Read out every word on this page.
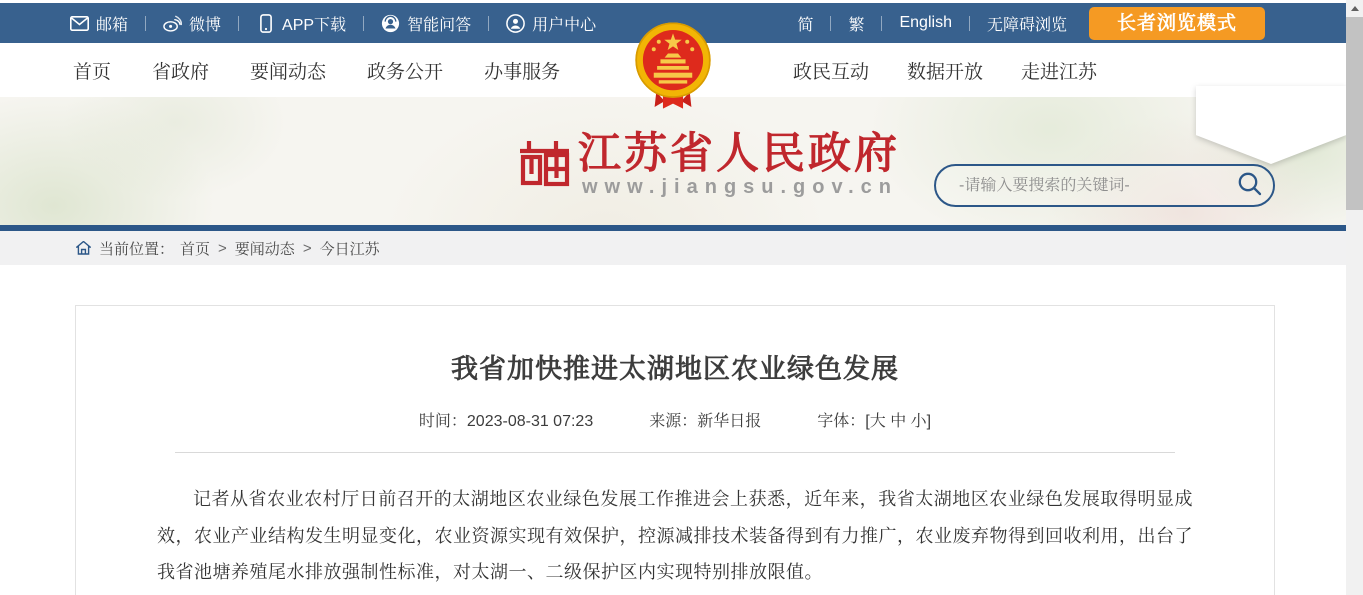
邮箱	微博	APP下载	智能问答	用户中心	简 繁 English 无障碍浏览	长者浏览模式
首页 省政府 要闻动态 政务公开 办事服务	政民互动 数据开放 走进江苏
江苏省人民政府
www.jiangsu.gov.cn
-请输入要搜索的关键词-
当前位置： 首页 > 要闻动态 > 今日江苏
我省加快推进太湖地区农业绿色发展
时间：2023-08-31 07:23	来源：新华日报	字体：[大 中 小]

记者从省农业农村厅日前召开的太湖地区农业绿色发展工作推进会上获悉，近年来，我省太湖地区农业绿色发展取得明显成效，农业产业结构发生明显变化，农业资源实现有效保护，控源减排技术装备得到有力推广，农业废弃物得到回收利用，出台了我省池塘养殖尾水排放强制性标准，对太湖一、二级保护区内实现特别排放限值。
